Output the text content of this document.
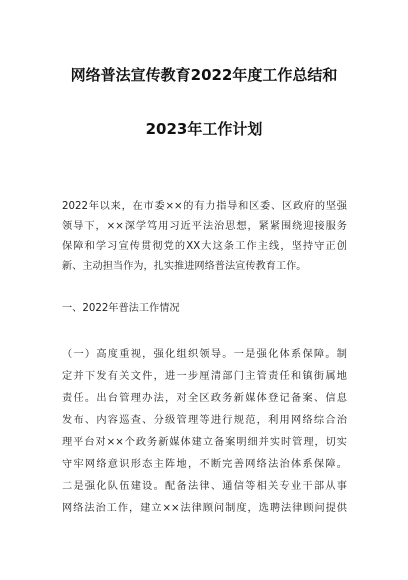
网络普法宣传教育2022年度工作总结和
2023年工作计划
2022年以来，在市委××的有力指导和区委、区政府的坚强
领导下，××深学笃用习近平法治思想，紧紧围绕迎接服务
保障和学习宣传贯彻党的XX大这条工作主线，坚持守正创
新、主动担当作为，扎实推进网络普法宣传教育工作。
一、2022年普法工作情况
（一）高度重视，强化组织领导。一是强化体系保障。制
定并下发有关文件，进一步厘清部门主管责任和镇街属地
责任。出台管理办法，对全区政务新媒体登记备案、信息
发布、内容巡查、分级管理等进行规范，利用网络综合治
理平台对××个政务新媒体建立备案明细并实时管理，切实
守牢网络意识形态主阵地，不断完善网络法治体系保障。
二是强化队伍建设。配备法律、通信等相关专业干部从事
网络法治工作，建立××法律顾问制度，选聘法律顾问提供
